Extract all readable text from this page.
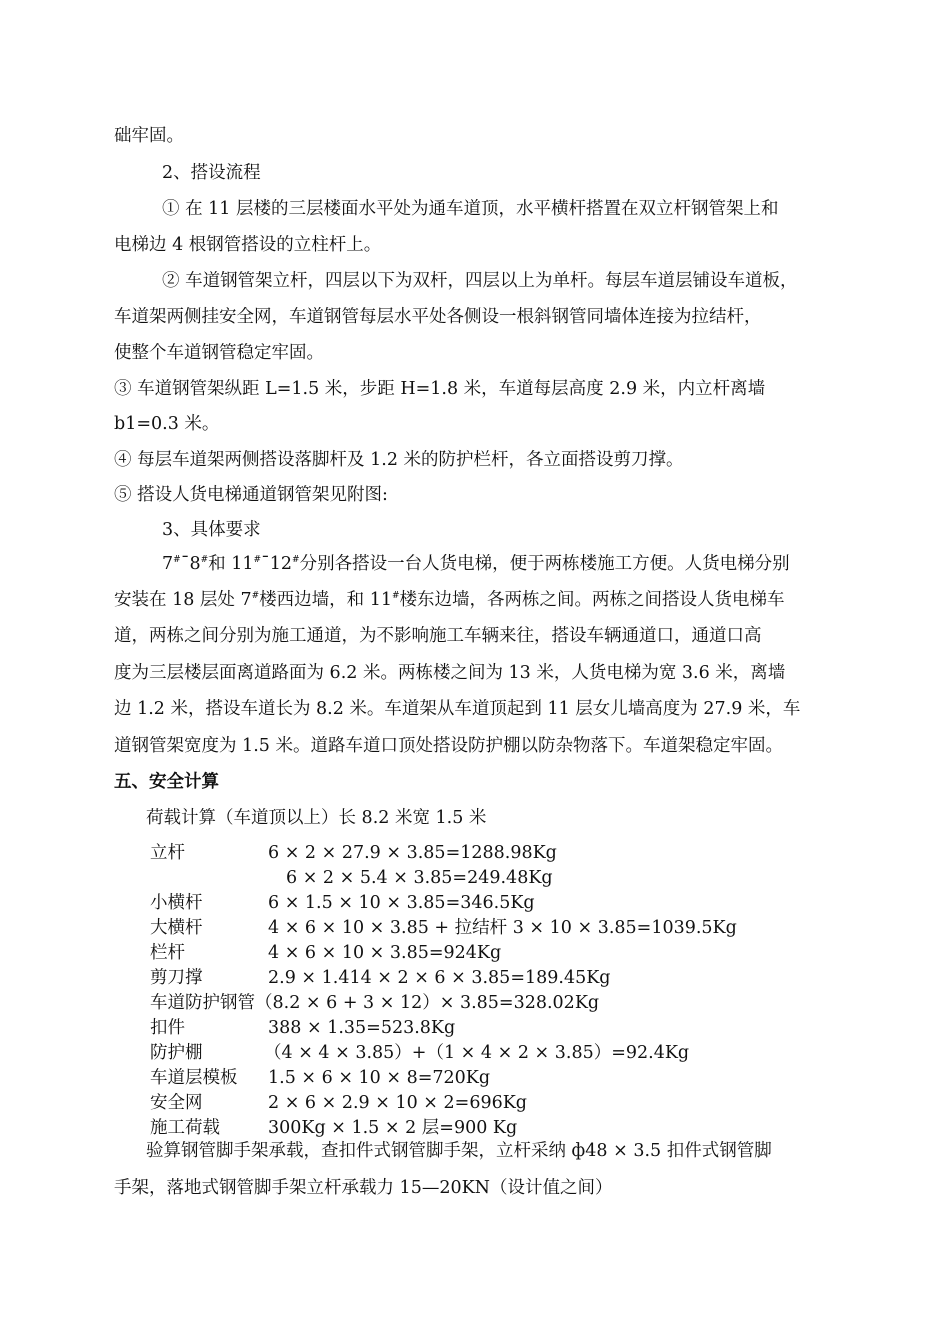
础牢固。
2、搭设流程
① 在 11 层楼的三层楼面水平处为通车道顶，水平横杆搭置在双立杆钢管架上和
电梯边 4 根钢管搭设的立柱杆上。
② 车道钢管架立杆，四层以下为双杆，四层以上为单杆。每层车道层铺设车道板，
车道架两侧挂安全网，车道钢管每层水平处各侧设一根斜钢管同墙体连接为拉结杆，
使整个车道钢管稳定牢固。
③ 车道钢管架纵距 L=1.5 米，步距 H=1.8 米，车道每层高度 2.9 米，内立杆离墙
b1=0.3 米。
④ 每层车道架两侧搭设落脚杆及 1.2 米的防护栏杆，各立面搭设剪刀撑。
⑤ 搭设人货电梯通道钢管架见附图:
3、具体要求
7#¯8#和 11#¯12#分别各搭设一台人货电梯，便于两栋楼施工方便。人货电梯分别
安装在 18 层处 7#楼西边墙，和 11#楼东边墙，各两栋之间。两栋之间搭设人货电梯车
道，两栋之间分别为施工通道，为不影响施工车辆来往，搭设车辆通道口，通道口高
度为三层楼层面离道路面为 6.2 米。两栋楼之间为 13 米，人货电梯为宽 3.6 米，离墙
边 1.2 米，搭设车道长为 8.2 米。车道架从车道顶起到 11 层女儿墙高度为 27.9 米，车
道钢管架宽度为 1.5 米。道路车道口顶处搭设防护棚以防杂物落下。车道架稳定牢固。
五、安全计算
荷载计算（车道顶以上）长 8.2 米宽 1.5 米
立杆	6 × 2 × 27.9 × 3.85=1288.98Kg
6 × 2 × 5.4 × 3.85=249.48Kg
小横杆	6 × 1.5 × 10 × 3.85=346.5Kg
大横杆	4 × 6 × 10 × 3.85 + 拉结杆 3 × 10 × 3.85=1039.5Kg
栏杆	4 × 6 × 10 × 3.85=924Kg
剪刀撑	2.9 × 1.414 × 2 × 6 × 3.85=189.45Kg
车道防护钢管（8.2 × 6 + 3 × 12）× 3.85=328.02Kg
扣件	388 × 1.35=523.8Kg
防护棚	（4 × 4 × 3.85）+（1 × 4 × 2 × 3.85）=92.4Kg
车道层模板 1.5 × 6 × 10 × 8=720Kg
安全网	2 × 6 × 2.9 × 10 × 2=696Kg
施工荷载	300Kg × 1.5 × 2 层=900 Kg
验算钢管脚手架承载，查扣件式钢管脚手架，立杆采纳 ф48 × 3.5 扣件式钢管脚
手架，落地式钢管脚手架立杆承载力 15—20KN（设计值之间）
